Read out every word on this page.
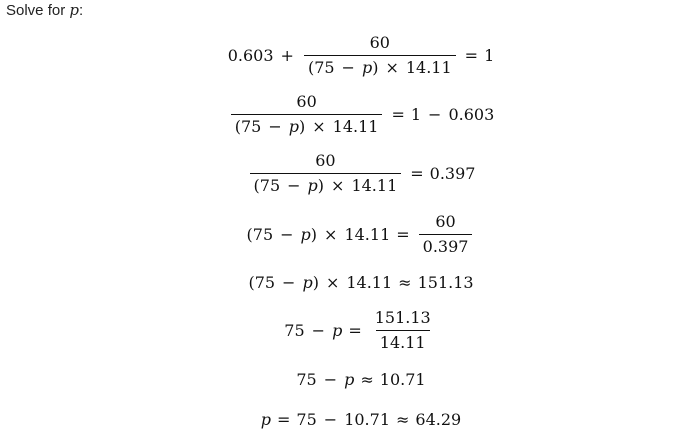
Solve for p:
$0.603 + \frac{60}{(75 - p) \times 14.11} = 1$
$\frac{60}{(75 - p) \times 14.11} = 1 - 0.603$
$\frac{60}{(75 - p) \times 14.11} = 0.397$
$(75 - p) \times 14.11 = \frac{60}{0.397}$
(75 − p) × 14.11 ≈ 151.13
$75 - p = \frac{151.13}{14.11}$
75 − p ≈ 10.71
p = 75 − 10.71 ≈ 64.29
